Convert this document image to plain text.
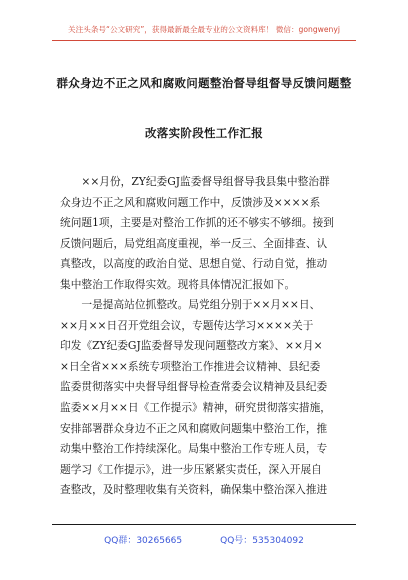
关注头条号“公文研究”，获得最新最全最专业的公文资料库！ 微信：gongwenyj
群众身边不正之风和腐败问题整治督导组督导反馈问题整
改落实阶段性工作汇报
　　××月份，ZY纪委GJ监委督导组督导我县集中整治群
众身边不正之风和腐败问题工作中，反馈涉及××××系
统问题1项，主要是对整治工作抓的还不够实不够细。接到
反馈问题后，局党组高度重视，举一反三、全面排查、认
真整改，以高度的政治自觉、思想自觉、行动自觉，推动
集中整治工作取得实效。现将具体情况汇报如下。
　　一是提高站位抓整改。局党组分别于××月××日、
××月××日召开党组会议，专题传达学习××××关于
印发《ZY纪委GJ监委督导发现问题整改方案》、××月×
×日全省×××系统专项整治工作推进会议精神、县纪委
监委贯彻落实中央督导组督导检查常委会议精神及县纪委
监委××月××日《工作提示》精神，研究贯彻落实措施，
安排部署群众身边不正之风和腐败问题集中整治工作，推
动集中整治工作持续深化。局集中整治工作专班人员，专
题学习《工作提示》，进一步压紧紧实责任，深入开展自
查整改，及时整理收集有关资料，确保集中整治深入推进
QQ群：30265665	QQ号：535304092
